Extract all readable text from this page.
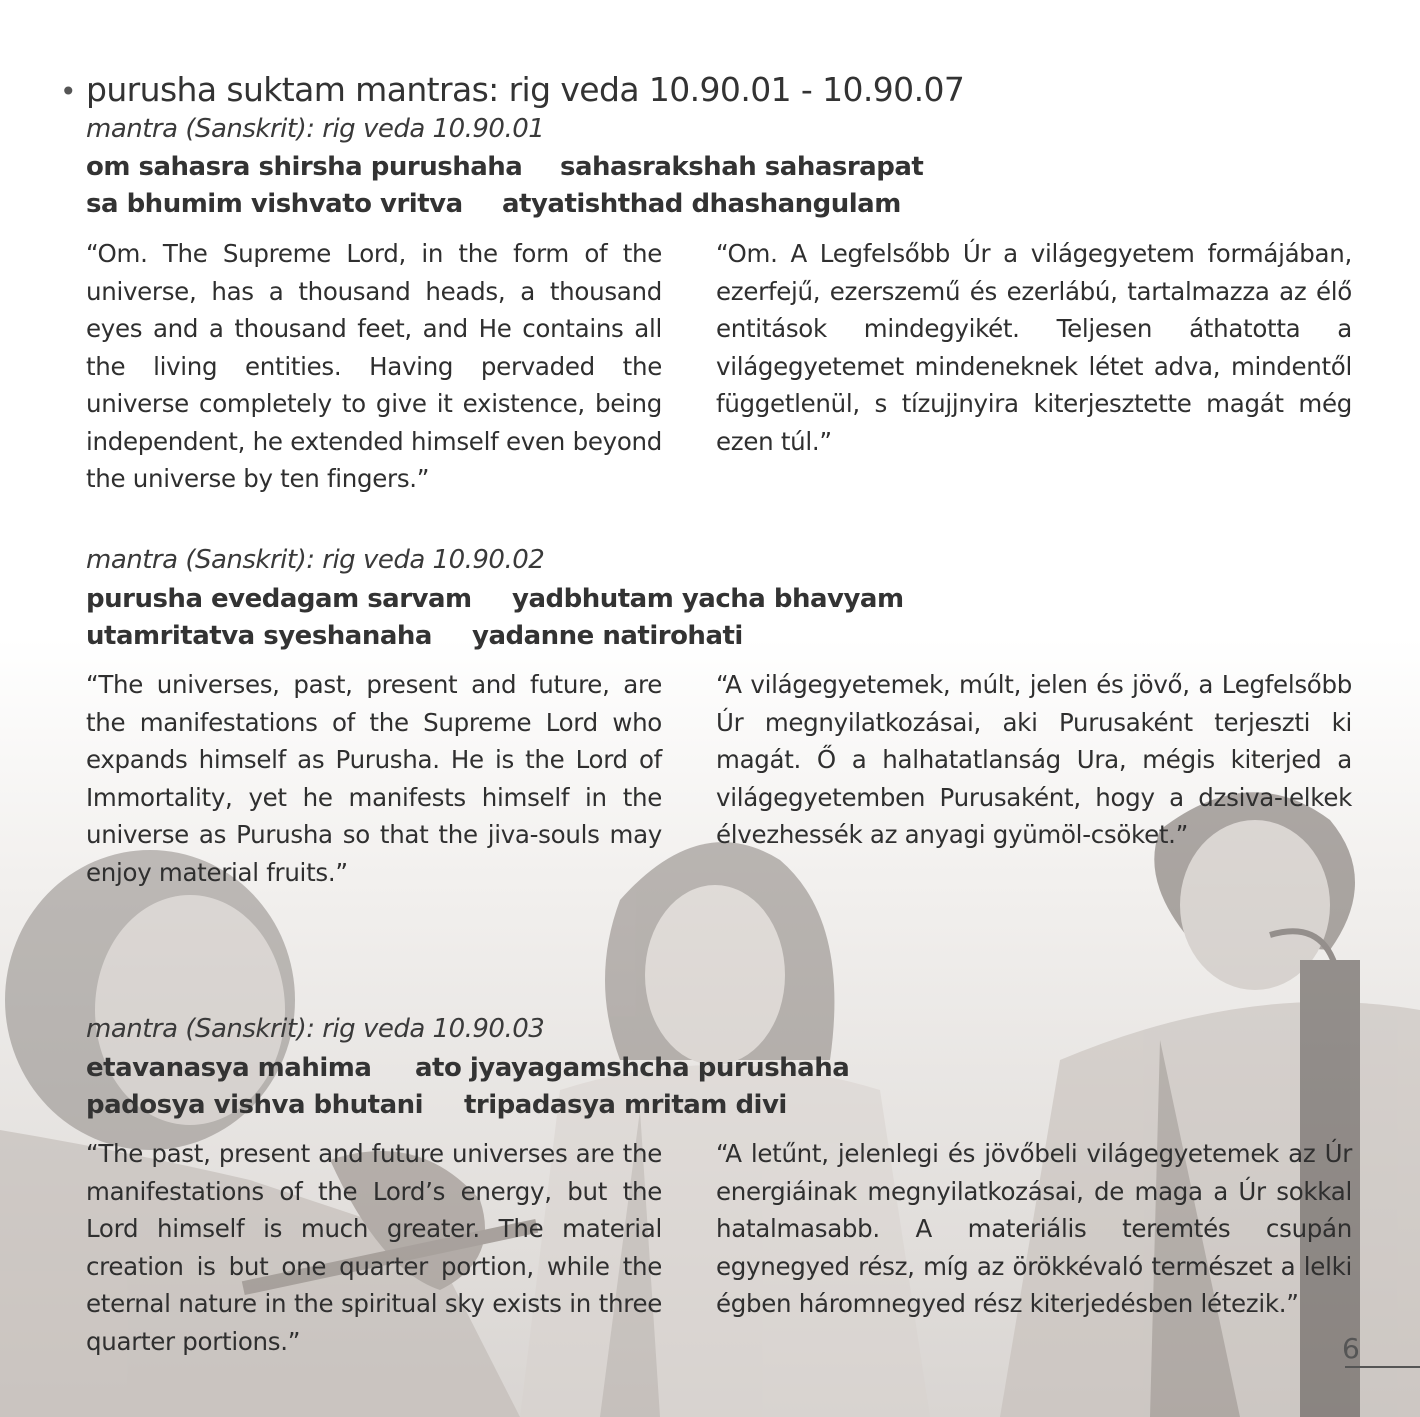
• purusha suktam mantras: rig veda 10.90.01 - 10.90.07
mantra (Sanskrit): rig veda 10.90.01
om sahasra shirsha purushaha sahasrakshah sahasrapat
sa bhumim vishvato vritva atyatishthad dhashangulam
“Om. The Supreme Lord, in the form of the universe, has a thousand heads, a thousand eyes and a thousand feet, and He contains all the living entities. Having pervaded the universe completely to give it existence, being independent, he extended himself even beyond the universe by ten fingers.”
“Om. A Legfelsőbb Úr a világegyetem formájában, ezerfejű, ezerszemű és ezerlábú, tartalmazza az élő entitások mindegyikét. Teljesen áthatotta a világegyetemet mindeneknek létet adva, mindentől függetlenül, s tízujjnyira kiterjesztette magát még ezen túl.”
mantra (Sanskrit): rig veda 10.90.02
purusha evedagam sarvam yadbhutam yacha bhavyam
utamritatva syeshanaha yadanne natirohati
“The universes, past, present and future, are the manifestations of the Supreme Lord who expands himself as Purusha. He is the Lord of Immortality, yet he manifests himself in the universe as Purusha so that the jiva-souls may enjoy material fruits.”
“A világegyetemek, múlt, jelen és jövő, a Legfelsőbb Úr megnyilatkozásai, aki Purusaként terjeszti ki magát. Ő a halhatatlanság Ura, mégis kiterjed a világegyetemben Purusaként, hogy a dzsiva-lelkek élvezhessék az anyagi gyümöl-csöket.”
mantra (Sanskrit): rig veda 10.90.03
etavanasya mahima ato jyayagamshcha purushaha
padosya vishva bhutani tripadasya mritam divi
“The past, present and future universes are the manifestations of the Lord’s energy, but the Lord himself is much greater. The material creation is but one quarter portion, while the eternal nature in the spiritual sky exists in three quarter portions.”
“A letűnt, jelenlegi és jövőbeli világegyetemek az Úr energiáinak megnyilatkozásai, de maga a Úr sokkal hatalmasabb. A materiális teremtés csupán egynegyed rész, míg az örökkévaló természet a lelki égben háromnegyed rész kiterjedésben létezik.”
6
